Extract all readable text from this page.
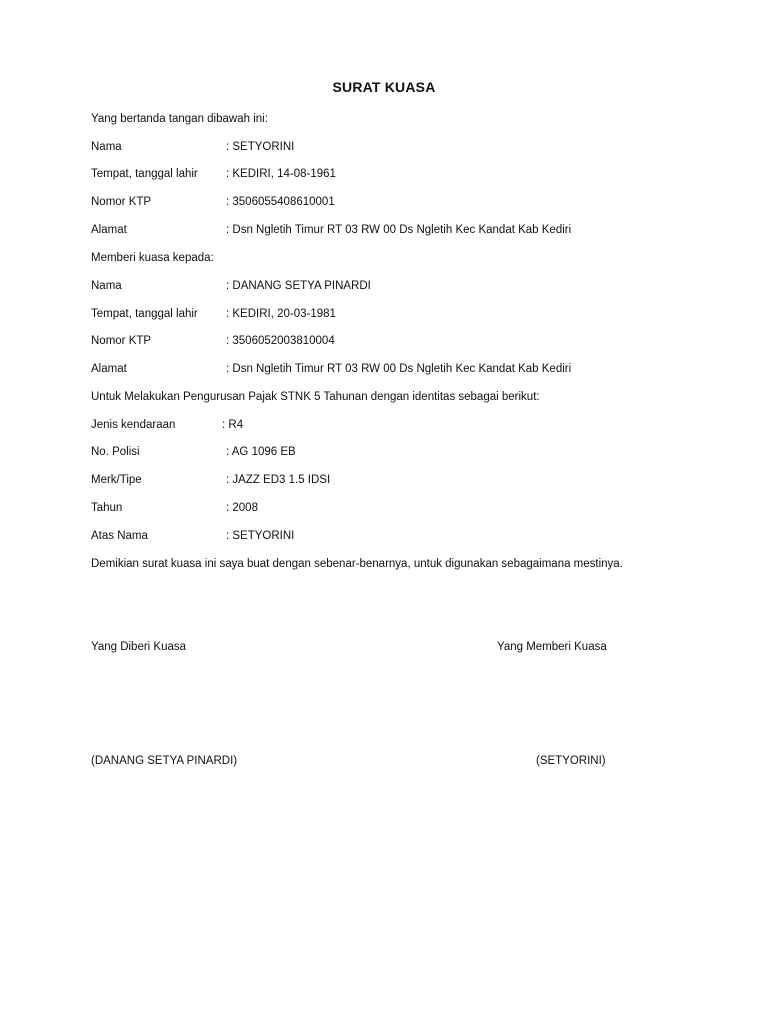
SURAT KUASA
Yang bertanda tangan dibawah ini:
Nama	: SETYORINI
Tempat, tanggal lahir : KEDIRI, 14-08-1961
Nomor KTP	: 3506055408610001
Alamat	: Dsn Ngletih Timur RT 03 RW 00 Ds Ngletih Kec Kandat Kab Kediri
Memberi kuasa kepada:
Nama	: DANANG SETYA PINARDI
Tempat, tanggal lahir : KEDIRI, 20-03-1981
Nomor KTP	: 3506052003810004
Alamat	: Dsn Ngletih Timur RT 03 RW 00 Ds Ngletih Kec Kandat Kab Kediri
Untuk Melakukan Pengurusan Pajak STNK 5 Tahunan dengan identitas sebagai berikut:
Jenis kendaraan	: R4
No. Polisi	: AG 1096 EB
Merk/Tipe	: JAZZ ED3 1.5 IDSI
Tahun	: 2008
Atas Nama	: SETYORINI
Demikian surat kuasa ini saya buat dengan sebenar-benarnya, untuk digunakan sebagaimana mestinya.
Yang Diberi Kuasa	Yang Memberi Kuasa
(DANANG SETYA PINARDI)	(SETYORINI)
